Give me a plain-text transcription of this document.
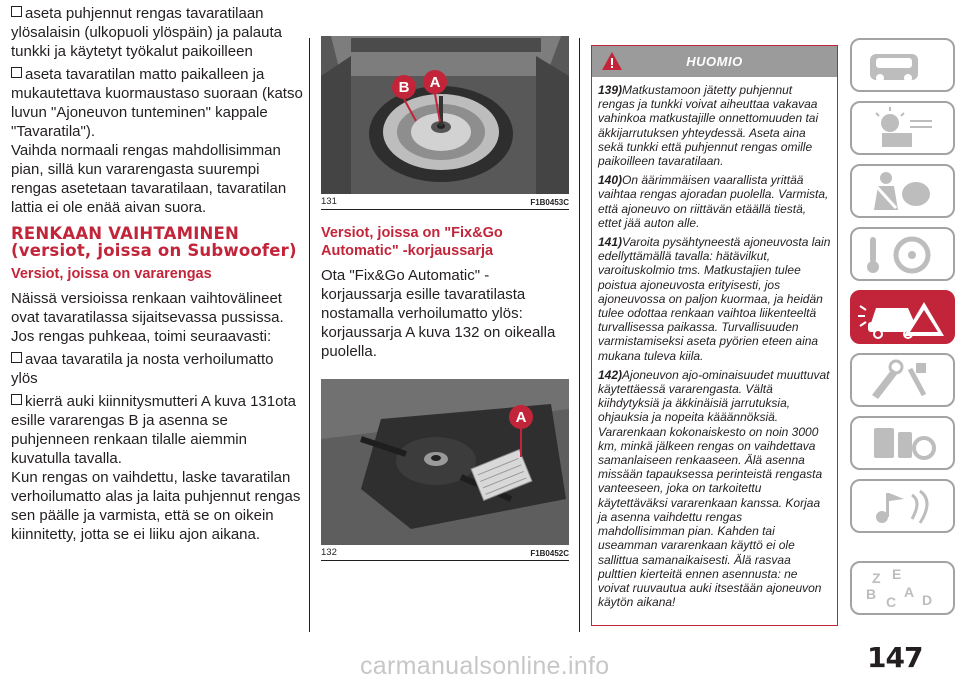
aseta puhjennut rengas tavaratilaan ylösalaisin (ulkopuoli ylöspäin) ja palauta tunkki ja käytetyt työkalut paikoilleen

aseta tavaratilan matto paikalleen ja mukautettava kuormaustaso suoraan (katso luvun "Ajoneuvon tunteminen" kappale "Tavaratila").
Vaihda normaali rengas mahdollisimman pian, sillä kun vararengasta suurempi rengas asetetaan tavaratilaan, tavaratilan lattia ei ole enää aivan suora.

RENKAAN VAIHTAMINEN (versiot, joissa on Subwoofer)
Versiot, joissa on vararengas

Näissä versioissa renkaan vaihtovälineet ovat tavaratilassa sijaitsevassa pussissa.
Jos rengas puhkeaa, toimi seuraavasti:

avaa tavaratila ja nosta verhoilumatto ylös

kierrä auki kiinnitysmutteri A kuva 131ota esille vararengas B ja asenna se puhjenneen renkaan tilalle aiemmin kuvatulla tavalla.
Kun rengas on vaihdettu, laske tavaratilan verhoilumatto alas ja laita puhjennut rengas sen päälle ja varmista, että se on oikein kiinnitetty, jotta se ei liiku ajon aikana.

B A
131	F1B0453C
Versiot, joissa on "Fix&Go Automatic" -korjaussarja

Ota "Fix&Go Automatic" -korjaussarja esille tavaratilasta nostamalla verhoilumatto ylös: korjaussarja A kuva 132 on oikealla puolella.

A
132	F1B0452C
HUOMIO

139)Matkustamoon jätetty puhjennut rengas ja tunkki voivat aiheuttaa vakavaa vahinkoa matkustajille onnettomuuden tai äkkijarrutuksen yhteydessä. Aseta aina sekä tunkki että puhjennut rengas omille paikoilleen tavaratilaan.

140)On äärimmäisen vaarallista yrittää vaihtaa rengas ajoradan puolella. Varmista, että ajoneuvo on riittävän etäällä tiestä, ettet jää auton alle.

141)Varoita pysähtyneestä ajoneuvosta lain edellyttämällä tavalla: hätävilkut, varoituskolmio tms. Matkustajien tulee poistua ajoneuvosta erityisesti, jos ajoneuvossa on paljon kuormaa, ja heidän tulee odottaa renkaan vaihtoa liikenteeltä turvallisessa paikassa. Turvallisuuden varmistamiseksi aseta pyörien eteen aina mukana tuleva kiila.

142)Ajoneuvon ajo-ominaisuudet muuttuvat käytettäessä vararengasta. Vältä kiihdytyksiä ja äkkinäisiä jarrutuksia, ohjauksia ja nopeita kääännöksiä. Vararenkaan kokonaiskesto on noin 3000 km, minkä jälkeen rengas on vaihdettava samanlaiseen renkaaseen. Älä asenna missään tapauksessa perinteistä rengasta vanteeseen, joka on tarkoitettu käytettäväksi vararenkaan kanssa. Korjaa ja asenna vaihdettu rengas mahdollisimman pian. Kahden tai useamman vararenkaan käyttö ei ole sallittua samanaikaisesti. Älä rasvaa pulttien kierteitä ennen asennusta: ne voivat ruuvautua auki itsestään ajoneuvon käytön aikana!

Z E
B C
A D
147
carmanualsonline.info
